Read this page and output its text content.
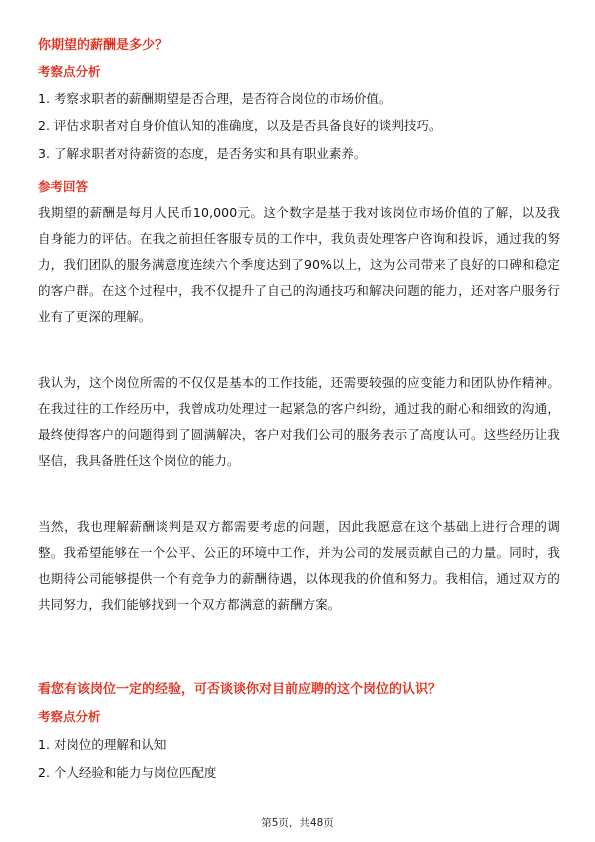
你期望的薪酬是多少？
考察点分析
1. 考察求职者的薪酬期望是否合理，是否符合岗位的市场价值。
2. 评估求职者对自身价值认知的准确度，以及是否具备良好的谈判技巧。
3. 了解求职者对待薪资的态度，是否务实和具有职业素养。
参考回答
我期望的薪酬是每月人民币10,000元。这个数字是基于我对该岗位市场价值的了解，以及我自身能力的评估。在我之前担任客服专员的工作中，我负责处理客户咨询和投诉，通过我的努力，我们团队的服务满意度连续六个季度达到了90%以上，这为公司带来了良好的口碑和稳定的客户群。在这个过程中，我不仅提升了自己的沟通技巧和解决问题的能力，还对客户服务行业有了更深的理解。
我认为，这个岗位所需的不仅仅是基本的工作技能，还需要较强的应变能力和团队协作精神。在我过往的工作经历中，我曾成功处理过一起紧急的客户纠纷，通过我的耐心和细致的沟通，最终使得客户的问题得到了圆满解决，客户对我们公司的服务表示了高度认可。这些经历让我坚信，我具备胜任这个岗位的能力。
当然，我也理解薪酬谈判是双方都需要考虑的问题，因此我愿意在这个基础上进行合理的调整。我希望能够在一个公平、公正的环境中工作，并为公司的发展贡献自己的力量。同时，我也期待公司能够提供一个有竞争力的薪酬待遇，以体现我的价值和努力。我相信，通过双方的共同努力，我们能够找到一个双方都满意的薪酬方案。
看您有该岗位一定的经验，可否谈谈你对目前应聘的这个岗位的认识？
考察点分析
1. 对岗位的理解和认知
2. 个人经验和能力与岗位匹配度
第5页，共48页
